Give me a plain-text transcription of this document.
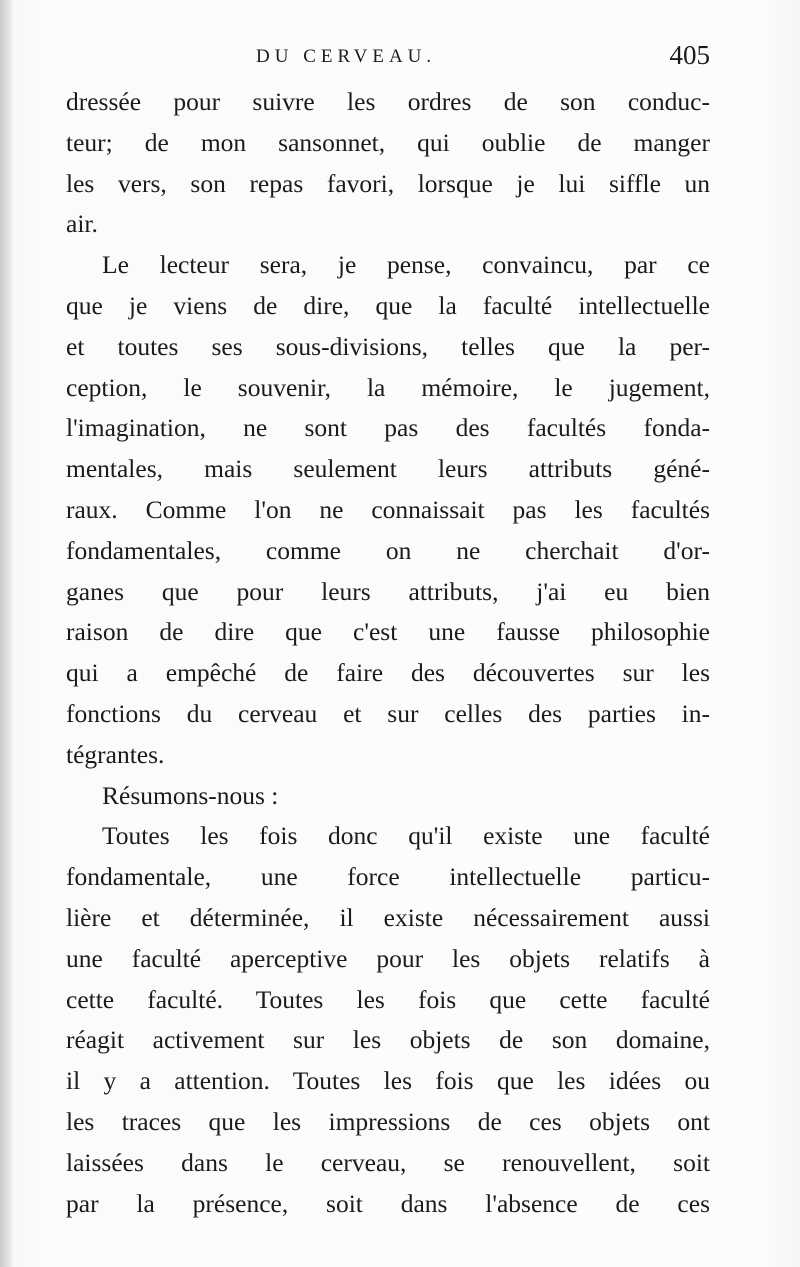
DU CERVEAU.	405
dressée pour suivre les ordres de son conduc-
teur; de mon sansonnet, qui oublie de manger
les vers, son repas favori, lorsque je lui siffle un
air.
Le lecteur sera, je pense, convaincu, par ce
que je viens de dire, que la faculté intellectuelle
et toutes ses sous-divisions, telles que la per-
ception, le souvenir, la mémoire, le jugement,
l'imagination, ne sont pas des facultés fonda-
mentales, mais seulement leurs attributs géné-
raux. Comme l'on ne connaissait pas les facultés
fondamentales, comme on ne cherchait d'or-
ganes que pour leurs attributs, j'ai eu bien
raison de dire que c'est une fausse philosophie
qui a empêché de faire des découvertes sur les
fonctions du cerveau et sur celles des parties in-
tégrantes.
Résumons-nous :
Toutes les fois donc qu'il existe une faculté
fondamentale, une force intellectuelle particu-
lière et déterminée, il existe nécessairement aussi
une faculté aperceptive pour les objets relatifs à
cette faculté. Toutes les fois que cette faculté
réagit activement sur les objets de son domaine,
il y a attention. Toutes les fois que les idées ou
les traces que les impressions de ces objets ont
laissées dans le cerveau, se renouvellent, soit
par la présence, soit dans l'absence de ces
